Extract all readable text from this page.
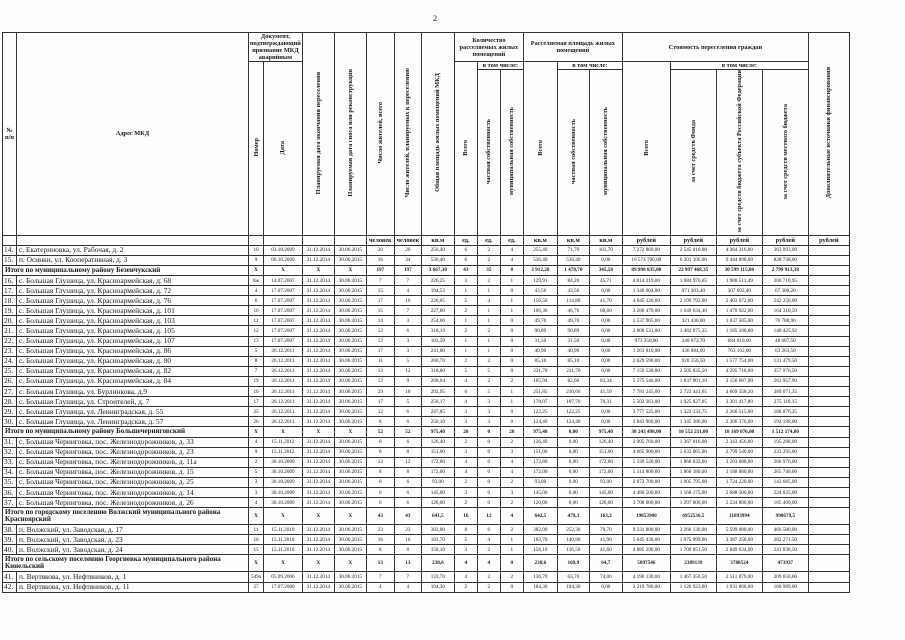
2
№ п/п	Адрес МКД	Документ, подтверждающий признание МКД аварийным		Планируемая дата окончания переселения	Планируемая дата сноса или реконструкции	Число жителей, всего	Число жителей, планируемых к переселению	Общая площадь жилых помещений МКД	Количество расселяемых жилых помещений			Расселяемая площадь жилых помещений			Стоимость переселения граждан				Дополнительные источники финансирования
		Номер	Дата						Всего	в том числе:		Всего	в том числе:		Всего	в том числе:			
										частная собственность	муниципальная собственность		частная собственность	муниципальная собственность		за счет средств Фонда	за счет средств бюджета субъекта Российской Федерации	за счет средств местного бюджета	
						человек	человек	кв.м	ед.	ед.	ед.	кв.м	кв.м	кв.м	рублей	рублей	рублей	рублей	рублей
14.	с. Екатериновка, ул. Рабочая, д. 2	10	03.10.2009	31.12.2014	30.06.2015	20	20	256,40	6	2	4	255,40	71,70	183,70	7 272 860,00	2 545 010,00	4 364 316,00	363 093,00	
15.	п. Осинки, ул. Кооперативная, д. 3	9	06.10.2009	31.12.2014	30.06.2015	16	34	536,40	6	2	4	536,40	536,40	0,00	16 574 790,00	6 301 106,00	9 444 898,00	828 738,00	
Итого по муниципальному району Безенчукский		X	X	X	X	197	197	3 667,30	43	35	8	3 912,28	1 478,70	345,58	89 998 835,00	22 997 468,35	30 599 115,00	2 799 913,38	
16.	с. Большая Глушица, ул. Красноармейская, д. 68	8ж	14.07.2007	31.12.2014	30.06.2015	7	7	226,25	3	2	1	129,91	84,20	45,71	4 014 219,00	1 984 976,65	1 908 511,49	200 710,95	
17.	с. Большая Глушица, ул. Красноармейская, д. 72	4	17.07.2007	31.12.2014	30.06.2015	15	4	194,53	1	1	0	43,56	43,56	0,00	1 346 004,00	971 303,40	307 692,40	67 300,20	
18.	с. Большая Глушица, ул. Красноармейская, д. 76	6	17.07.2007	31.12.2014	30.06.2015	17	16	226,05	5	4	1	156,50	114,80	41,70	4 845 120,00	2 199 792,00	2 403 072,00	242 256,00	
19.	с. Большая Глушица, ул. Красноармейская, д. 101	10	17.07.2007	31.12.2014	30.06.2015	15	7	227,60	2	1	1	106,36	46,76	60,60	3 286 470,00	1 649 634,40	1 470 922,00	164 310,50	
20.	с. Большая Глушица, ул. Красноармейская, д. 103	11	17.07.2007	31.12.2014	30.06.2015	14	3	254,00	1	1	0	49,70	49,70	0,00	1 537 905,00	421 438,00	1 037 505,00	76 788,90	
21.	с. Большая Глушица, ул. Красноармейская, д. 105	12	17.07.2007	31.12.2014	30.06.2015	12	6	318,19	2	2	0	90,89	90,89	0,00	2 808 531,00	1 482 975,35	1 185 100,00	140 425,92	
22.	с. Большая Глушица, ул. Красноармейская, д. 107	13	17.07.2007	31.12.2014	30.06.2015	12	3	183,59	1	1	0	31,50	31,50	0,00	973 350,00	240 672,70	684 010,00	48 667,50	
23.	с. Большая Глушица, ул. Красноармейская, д. 86	5	26.12.2011	31.12.2014	30.06.2015	17	3	241,00	1	1	0	40,90	40,90	0,00	1 263 810,00	436 884,00	763 162,00	63 263,50	
24.	с. Большая Глушица, ул. Красноармейская, д. 80	8	26.12.2011	31.12.2014	30.06.2015	11	5	266,70	2	2	0	85,10	85,10	0,00	2 629 590,00	920 356,50	1 577 754,00	131 479,50	
25.	с. Большая Глушица, ул. Красноармейская, д. 82	7	26.12.2011	31.12.2014	30.06.2015	13	12	318,80	5	5	0	231,70	231,70	0,00	7 159 530,00	2 505 835,50	4 295 718,00	357 976,50	
26.	с. Большая Глушица, ул. Красноармейская, д. 84	19	26.12.2011	31.12.2014	30.06.2015	12	9	268,04	4	2	2	165,94	82,60	83,34	5 275 546,00	1 837 901,10	3 156 687,00	263 957,90	
27.	с. Большая Глушица, ул. Бурлинкова, д.9	16	26.12.2011	31.12.2014	30.06.2015	29	18	292,95	6	5	1	251,85	210,66	41,59	7 781 245,00	2 723 441,65	4 669 358,20	389 071,35	
28.	с. Большая Глушица, ул. Строителей, д. 7	17	28.12.2011	31.12.2014	30.06.2015	17	5	256,17	4	3	1	178,07	107,76	70,31	5 502 363,00	1 925 827,05	3 301 417,80	275 118,15	
29.	с. Большая Глушица, ул. Ленинградская, д. 55	25	26.12.2011	31.12.2014	30.06.2015	12	6	247,85	3	3	0	122,25	122,25	0,00	3 777 525,00	1 322 133,75	2 266 515,00	188 876,25	
30.	с. Большая Глушица, ул. Ленинградская, д. 57	26	26.12.2011	31.12.2014	30.06.2015	8	6	250,10	3	3	0	124,40	124,40	0,00	3 843 960,00	1 345 386,00	2 306 376,00	192 198,00	
Итого по муниципальному району Большечерниговский		X	X	X	X	52	52	975,40	20	0	20	975,40	0,00	975,40	30 243 498,00	10 552 211,00	18 169 076,00	1 512 174,00	
31.	с. Большая Черниговка, пос. Железнодорожников, д. 33	4	15.11.2012	31.12.2014	30.06.2015	6	6	126,40	2	0	2	126,40	0,00	126,40	3 905 760,00	1 367 016,00	2 343 456,00	195 288,00	
32.	с. Большая Черниговка, пос. Железнодорожников, д. 23	9	15.11.2012	31.12.2014	30.06.2015	8	8	151,00	3	0	3	151,00	0,00	151,00	4 665 900,00	1 633 065,00	2 799 540,00	233 295,00	
33.	с. Большая Черниговка, пос. Железнодорожников, д. 11а	2	30.10.2009	31.12.2014	30.06.2015	12	12	172,80	4	0	4	172,80	0,00	172,80	5 339 520,00	1 868 832,00	3 203 688,00	266 976,00	
34.	с. Большая Черниговка, пос. Железнодорожников, д. 15	5	30.10.2009	31.12.2014	30.06.2015	8	8	172,00	4	0	4	172,00	0,00	172,00	5 314 800,00	1 860 180,00	3 188 880,00	265 740,00	
35.	с. Большая Черниговка, пос. Железнодорожников, д. 25	3	30.10.2009	31.12.2014	30.06.2015	6	6	93,00	2	0	2	93,00	0,00	93,00	2 873 700,00	1 005 795,00	1 724 220,00	143 685,00	
36.	с. Большая Черниговка, пос. Железнодорожников, д. 14	3	30.10.2009	31.12.2014	30.06.2015	6	6	145,00	3	0	3	145,00	0,00	145,00	4 480 500,00	1 568 175,00	2 688 300,00	224 025,00	
37.	с. Большая Черниговка, пос. Железнодорожников, д. 26	4	30.10.2009	31.12.2014	30.06.2015	6	6	120,00	2	0	2	120,00	0,00	120,00	3 708 000,00	1 297 800,00	2 224 800,00	185 400,00	
Итого по городскому поселению Волжский муниципального района Красноярский		X	X	X	X	43	43	641,5	16	12	4	642,5	479,3	163,2	19853900	6952536,5	11893994	990679,5	
38.	п. Волжский, ул. Заводская, д. 17	11	15.11.2010	31.12.2014	30.06.2015	23	23	382,00	8	6	2	382,00	252,30	79,70	9 231 800,00	3 266 130,00	5 599 088,00	466 580,00	
39.	п. Волжский, ул. Заводская, д. 23	16	15.11.2010	31.12.2014	30.06.2015	16	16	182,70	5	4	1	182,70	140,80	41,90	5 645 430,00	1 975 999,00	3 387 258,00	282 271,50	
40.	п. Волжский, ул. Заводская, д. 24	15	15.11.2010	31.12.2014	30.06.2015	8	8	158,10	3	2	1	158,10	116,50	41,60	4 885 290,00	1 709 851,50	2 849 634,00	241 838,50	
Итого по сельскому поселению Георгиевка муниципального района Кинельский		X	X	X	X	13	13	238,6	4	4	0	238,6	169,9	64,7	5897546	2389139	3788524	473937	
41.	п. Вертякова, ул. Нефтяников, д. 1	549а	05.09.2006	31.12.2014	30.06.2015	7	7	133,70	4	2	2	136,70	63,70	74,00	4 190 130,00	1 467 350,50	2 511 879,00	209 656,00	
42.	п. Вертякова, ул. Нефтяников, д. 11	27	17.07.2006	31.12.2014	30.06.2015	4	4	104,30	2	2	0	104,30	104,30	0,00	3 219 780,00	1 126 923,00	1 931 868,00	160 989,00	
